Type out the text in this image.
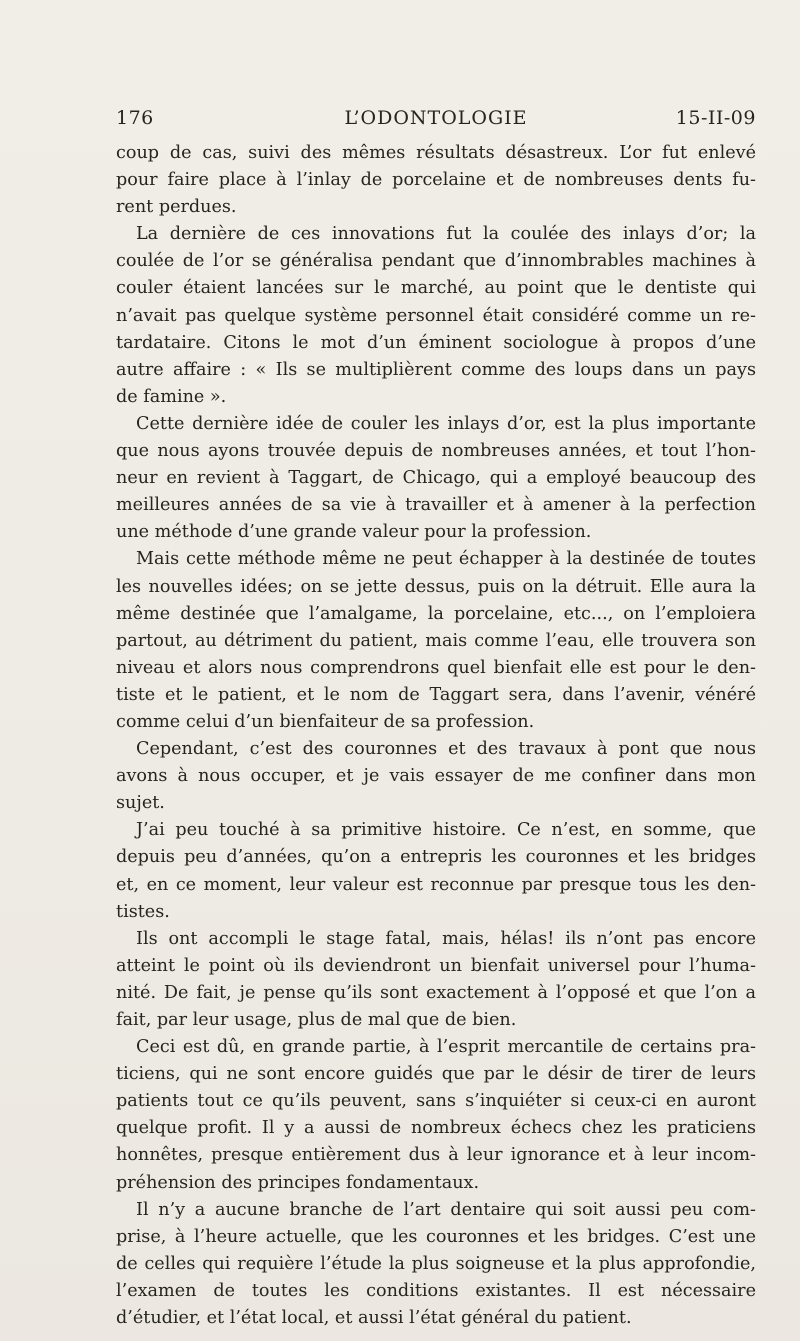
176	L’ODONTOLOGIE	15-II-09
coup de cas, suivi des mêmes résultats désastreux. L’or fut enlevé
pour faire place à l’inlay de porcelaine et de nombreuses dents fu-
rent perdues.
La dernière de ces innovations fut la coulée des inlays d’or; la
coulée de l’or se généralisa pendant que d’innombrables machines à
couler étaient lancées sur le marché, au point que le dentiste qui
n’avait pas quelque système personnel était considéré comme un re-
tardataire. Citons le mot d’un éminent sociologue à propos d’une
autre affaire : « Ils se multiplièrent comme des loups dans un pays
de famine ».
Cette dernière idée de couler les inlays d’or, est la plus importante
que nous ayons trouvée depuis de nombreuses années, et tout l’hon-
neur en revient à Taggart, de Chicago, qui a employé beaucoup des
meilleures années de sa vie à travailler et à amener à la perfection
une méthode d’une grande valeur pour la profession.
Mais cette méthode même ne peut échapper à la destinée de toutes
les nouvelles idées; on se jette dessus, puis on la détruit. Elle aura la
même destinée que l’amalgame, la porcelaine, etc..., on l’emploiera
partout, au détriment du patient, mais comme l’eau, elle trouvera son
niveau et alors nous comprendrons quel bienfait elle est pour le den-
tiste et le patient, et le nom de Taggart sera, dans l’avenir, vénéré
comme celui d’un bienfaiteur de sa profession.
Cependant, c’est des couronnes et des travaux à pont que nous
avons à nous occuper, et je vais essayer de me confiner dans mon
sujet.
J’ai peu touché à sa primitive histoire. Ce n’est, en somme, que
depuis peu d’années, qu’on a entrepris les couronnes et les bridges
et, en ce moment, leur valeur est reconnue par presque tous les den-
tistes.
Ils ont accompli le stage fatal, mais, hélas! ils n’ont pas encore
atteint le point où ils deviendront un bienfait universel pour l’huma-
nité. De fait, je pense qu’ils sont exactement à l’opposé et que l’on a
fait, par leur usage, plus de mal que de bien.
Ceci est dû, en grande partie, à l’esprit mercantile de certains pra-
ticiens, qui ne sont encore guidés que par le désir de tirer de leurs
patients tout ce qu’ils peuvent, sans s’inquiéter si ceux-ci en auront
quelque profit. Il y a aussi de nombreux échecs chez les praticiens
honnêtes, presque entièrement dus à leur ignorance et à leur incom-
préhension des principes fondamentaux.
Il n’y a aucune branche de l’art dentaire qui soit aussi peu com-
prise, à l’heure actuelle, que les couronnes et les bridges. C’est une
de celles qui requière l’étude la plus soigneuse et la plus approfondie,
l’examen de toutes les conditions existantes. Il est nécessaire
d’étudier, et l’état local, et aussi l’état général du patient.
